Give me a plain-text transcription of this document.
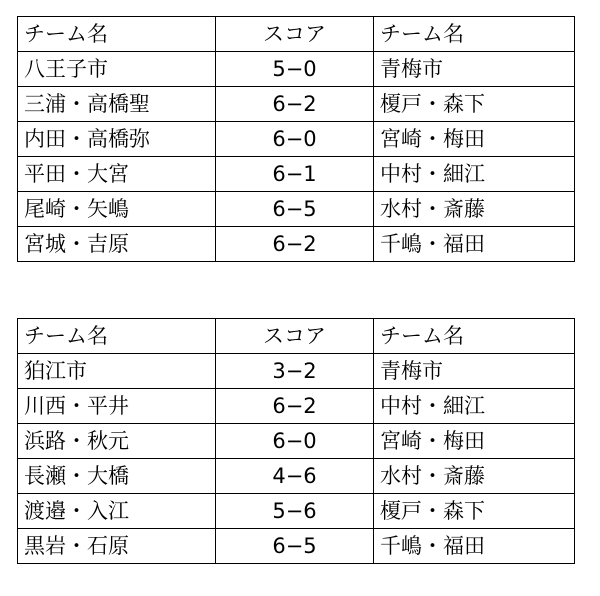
チーム名	スコア	チーム名
八王子市	5−0	青梅市
三浦・高橋聖	6−2	榎戸・森下
内田・高橋弥	6−0	宮崎・梅田
平田・大宮	6−1	中村・細江
尾崎・矢嶋	6−5	水村・斎藤
宮城・吉原	6−2	千嶋・福田
チーム名	スコア	チーム名
狛江市	3−2	青梅市
川西・平井	6−2	中村・細江
浜路・秋元	6−0	宮崎・梅田
長瀬・大橋	4−6	水村・斎藤
渡邉・入江	5−6	榎戸・森下
黒岩・石原	6−5	千嶋・福田
